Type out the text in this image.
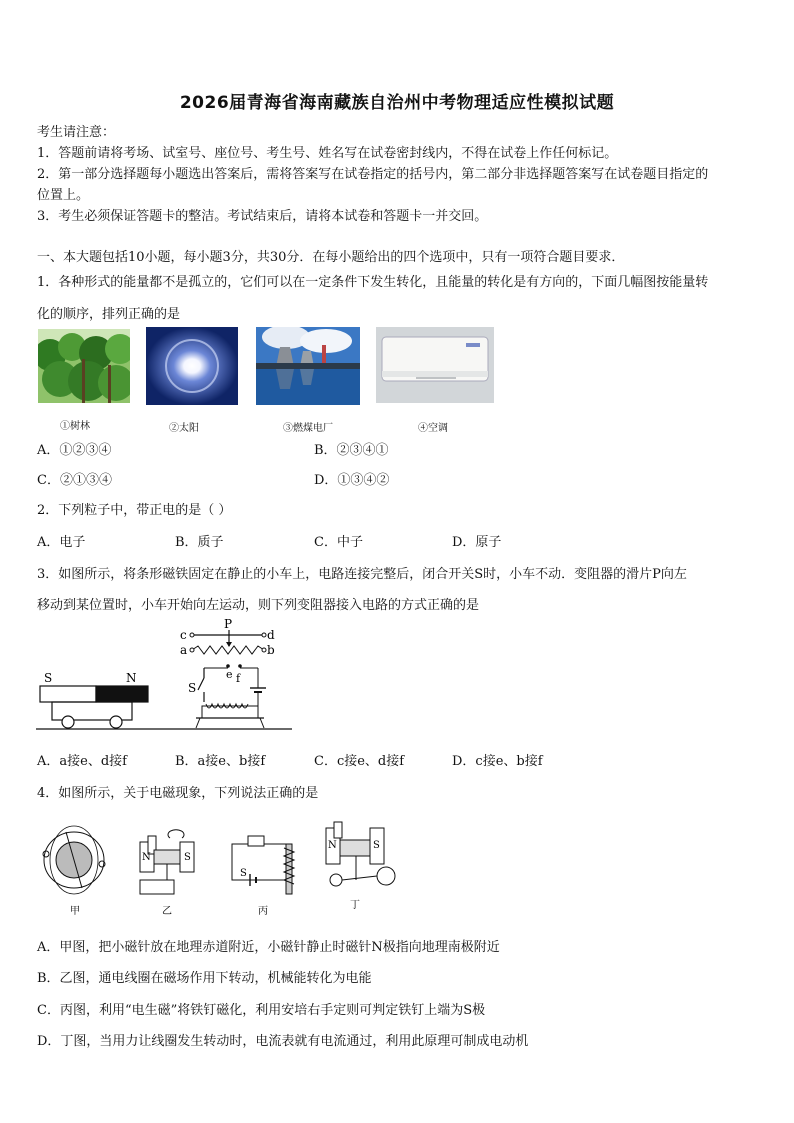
2026届青海省海南藏族自治州中考物理适应性模拟试题
考生请注意：
1．答题前请将考场、试室号、座位号、考生号、姓名写在试卷密封线内，不得在试卷上作任何标记。
2．第一部分选择题每小题选出答案后，需将答案写在试卷指定的括号内，第二部分非选择题答案写在试卷题目指定的
位置上。
3．考生必须保证答题卡的整洁。考试结束后，请将本试卷和答题卡一并交回。
一、本大题包括10小题，每小题3分，共30分．在每小题给出的四个选项中，只有一项符合题目要求．
1．各种形式的能量都不是孤立的，它们可以在一定条件下发生转化，且能量的转化是有方向的，下面几幅图按能量转
化的顺序，排列正确的是
①树林	②太阳	③燃煤电厂	④空调
A．①②③④	B．②③④①
C．②①③④	D．①③④②
2．下列粒子中，带正电的是（ ）
A．电子	B．质子	C．中子	D．原子
3．如图所示，将条形磁铁固定在静止的小车上，电路连接完整后，闭合开关S时，小车不动．变阻器的滑片P向左
移动到某位置时，小车开始向左运动，则下列变阻器接入电路的方式正确的是
S	N
c	d
a	b
P
S
e f
A．a接e、d接f	B．a接e、b接f	C．c接e、d接f	D．c接e、b接f
4．如图所示，关于电磁现象，下列说法正确的是
甲
N	S
乙
S
丙
N	S
丁
A．甲图，把小磁针放在地理赤道附近，小磁针静止时磁针N极指向地理南极附近
B．乙图，通电线圈在磁场作用下转动，机械能转化为电能
C．丙图，利用“电生磁”将铁钉磁化，利用安培右手定则可判定铁钉上端为S极
D．丁图，当用力让线圈发生转动时，电流表就有电流通过，利用此原理可制成电动机
